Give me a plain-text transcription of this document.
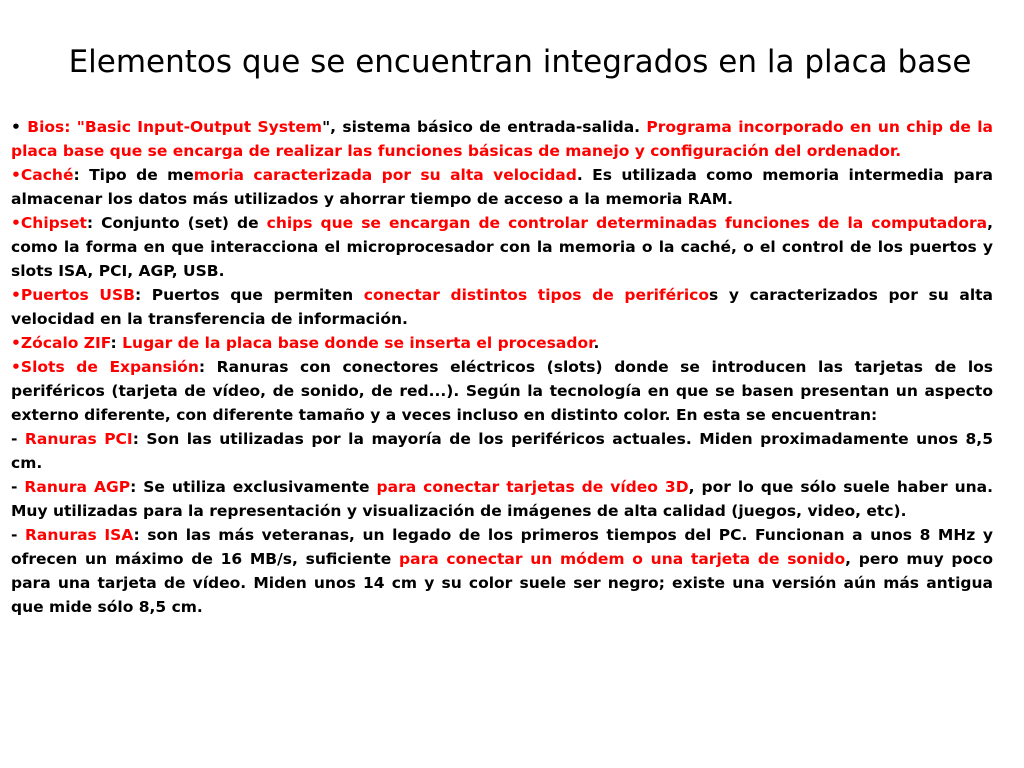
Elementos que se encuentran integrados en la placa base

• Bios: "Basic Input-Output System", sistema básico de entrada-salida. Programa incorporado en un chip de la placa base que se encarga de realizar las funciones básicas de manejo y configuración del ordenador.

•Caché: Tipo de memoria caracterizada por su alta velocidad. Es utilizada como memoria intermedia para almacenar los datos más utilizados y ahorrar tiempo de acceso a la memoria RAM.

•Chipset: Conjunto (set) de chips que se encargan de controlar determinadas funciones de la computadora, como la forma en que interacciona el microprocesador con la memoria o la caché, o el control de los puertos y slots ISA, PCI, AGP, USB.

•Puertos USB: Puertos que permiten conectar distintos tipos de periféricos y caracterizados por su alta velocidad en la transferencia de información.

•Zócalo ZIF: Lugar de la placa base donde se inserta el procesador.

•Slots de Expansión: Ranuras con conectores eléctricos (slots) donde se introducen las tarjetas de los periféricos (tarjeta de vídeo, de sonido, de red...). Según la tecnología en que se basen presentan un aspecto externo diferente, con diferente tamaño y a veces incluso en distinto color. En esta se encuentran:

- Ranuras PCI: Son las utilizadas por la mayoría de los periféricos actuales. Miden proximadamente unos 8,5 cm.

- Ranura AGP: Se utiliza exclusivamente para conectar tarjetas de vídeo 3D, por lo que sólo suele haber una. Muy utilizadas para la representación y visualización de imágenes de alta calidad (juegos, video, etc).

- Ranuras ISA: son las más veteranas, un legado de los primeros tiempos del PC. Funcionan a unos 8 MHz y ofrecen un máximo de 16 MB/s, suficiente para conectar un módem o una tarjeta de sonido, pero muy poco para una tarjeta de vídeo. Miden unos 14 cm y su color suele ser negro; existe una versión aún más antigua que mide sólo 8,5 cm.
